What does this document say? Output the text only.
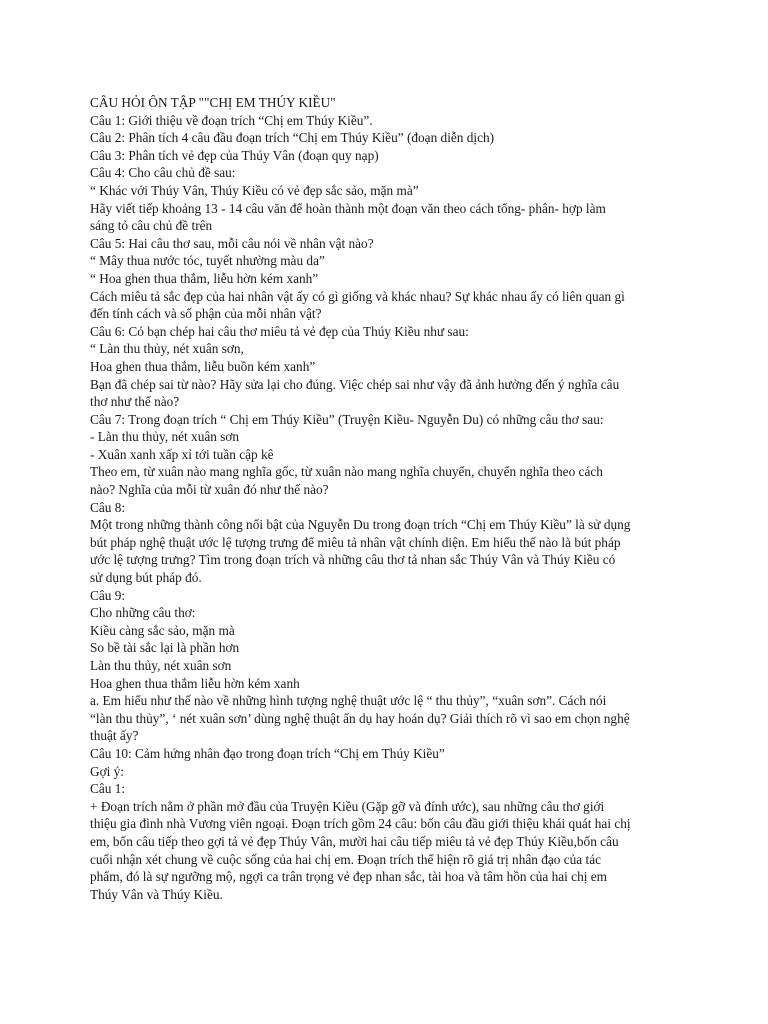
CÂU HỎI ÔN TẬP ""CHỊ EM THÚY KIỀU"
Câu 1: Giới thiệu về đoạn trích “Chị em Thúy Kiều”.
Câu 2: Phân tích 4 câu đầu đoạn trích “Chị em Thúy Kiều” (đoạn diễn dịch)
Câu 3: Phân tích vẻ đẹp của Thúy Vân (đoạn quy nạp)
Câu 4: Cho câu chủ đề sau:
“ Khác với Thúy Vân, Thúy Kiều có vẻ đẹp sắc sảo, mặn mà”
Hãy viết tiếp khoảng 13 - 14 câu văn để hoàn thành một đoạn văn theo cách tổng- phân- hợp làm
sáng tỏ câu chủ đề trên
Câu 5: Hai câu thơ sau, mỗi câu nói về nhân vật nào?
“ Mây thua nước tóc, tuyết nhường màu da”
“ Hoa ghen thua thắm, liễu hờn kém xanh”
Cách miêu tả sắc đẹp của hai nhân vật ấy có gì giống và khác nhau? Sự khác nhau ấy có liên quan gì
đến tính cách và số phận của mỗi nhân vật?
Câu 6: Có bạn chép hai câu thơ miêu tả vẻ đẹp của Thúy Kiều như sau:
“ Làn thu thủy, nét xuân sơn,
Hoa ghen thua thắm, liễu buồn kém xanh”
Bạn đã chép sai từ nào? Hãy sửa lại cho đúng. Việc chép sai như vậy đã ảnh hưởng đến ý nghĩa câu
thơ như thế nào?
Câu 7: Trong đoạn trích “ Chị em Thúy Kiều” (Truyện Kiều- Nguyễn Du) có những câu thơ sau:
- Làn thu thủy, nét xuân sơn
- Xuân xanh xấp xỉ tới tuần cập kê
Theo em, từ xuân nào mang nghĩa gốc, từ xuân nào mang nghĩa chuyển, chuyển nghĩa theo cách
nào? Nghĩa của mỗi từ xuân đó như thế nào?
Câu 8:
Một trong những thành công nổi bật của Nguyễn Du trong đoạn trích “Chị em Thúy Kiều” là sử dụng
bút pháp nghệ thuật ước lệ tượng trưng để miêu tả nhân vật chính diện. Em hiểu thế nào là bút pháp
ước lệ tượng trưng? Tìm trong đoạn trích và những câu thơ tả nhan sắc Thúy Vân và Thúy Kiều có
sử dụng bút pháp đó.
Câu 9:
Cho những câu thơ:
Kiều càng sắc sảo, mặn mà
So bề tài sắc lại là phần hơn
Làn thu thủy, nét xuân sơn
Hoa ghen thua thắm liễu hờn kém xanh
a. Em hiểu như thế nào về những hình tượng nghệ thuật ước lệ “ thu thủy”, “xuân sơn”. Cách nói
“làn thu thủy”, ‘ nét xuân sơn’ dùng nghệ thuật ẩn dụ hay hoán dụ? Giải thích rõ vì sao em chọn nghệ
thuật ấy?
Câu 10: Cảm hứng nhân đạo trong đoạn trích “Chị em Thúy Kiều”
Gợi ý:
Câu 1:
+ Đoạn trích nằm ở phần mở đầu của Truyện Kiều (Gặp gỡ và đính ước), sau những câu thơ giới
thiệu gia đình nhà Vương viên ngoại. Đoạn trích gồm 24 câu: bốn câu đầu giới thiệu khái quát hai chị
em, bốn câu tiếp theo gợi tả vẻ đẹp Thúy Vân, mười hai câu tiếp miêu tả vẻ đẹp Thúy Kiều,bốn câu
cuối nhận xét chung về cuộc sống của hai chị em. Đoạn trích thể hiện rõ giá trị nhân đạo của tác
phẩm, đó là sự ngưỡng mộ, ngợi ca trân trọng vẻ đẹp nhan sắc, tài hoa và tâm hồn của hai chị em
Thúy Vân và Thúy Kiều.
